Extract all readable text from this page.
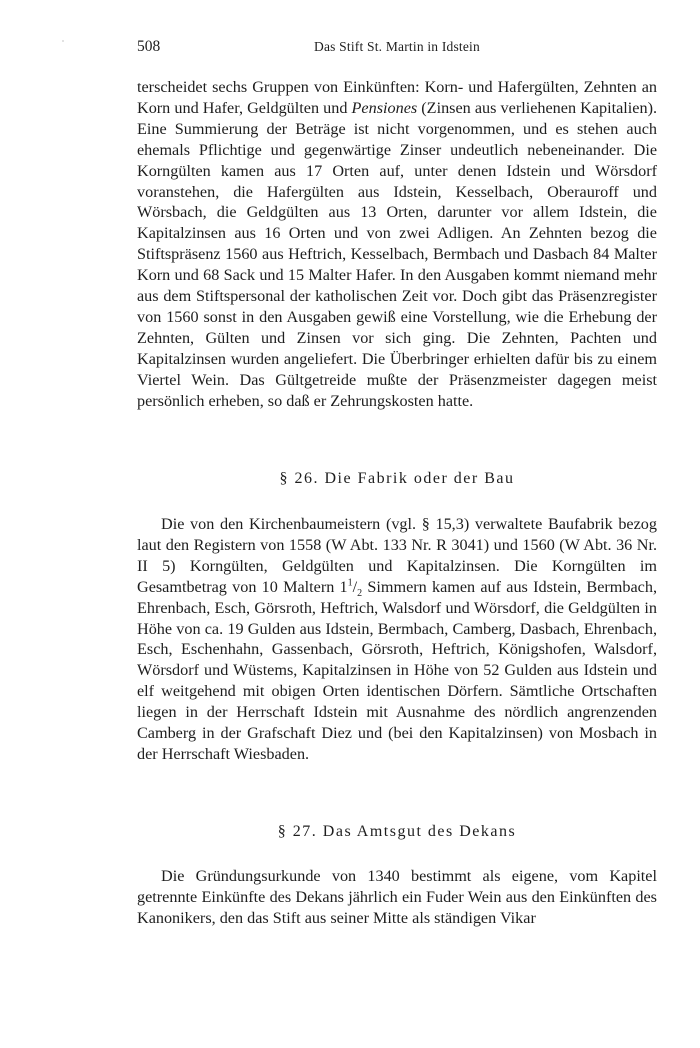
508	Das Stift St. Martin in Idstein

terscheidet sechs Gruppen von Einkünften: Korn- und Hafergülten, Zehnten an Korn und Hafer, Geldgülten und Pensiones (Zinsen aus verliehenen Kapitalien). Eine Summierung der Beträge ist nicht vorgenommen, und es stehen auch ehemals Pflichtige und gegenwärtige Zinser undeutlich nebeneinander. Die Korngülten kamen aus 17 Orten auf, unter denen Idstein und Wörsdorf voranstehen, die Hafergülten aus Idstein, Kesselbach, Oberauroff und Wörsbach, die Geldgülten aus 13 Orten, darunter vor allem Idstein, die Kapitalzinsen aus 16 Orten und von zwei Adligen. An Zehnten bezog die Stiftspräsenz 1560 aus Heftrich, Kesselbach, Bermbach und Dasbach 84 Malter Korn und 68 Sack und 15 Malter Hafer. In den Ausgaben kommt niemand mehr aus dem Stiftspersonal der katholischen Zeit vor. Doch gibt das Präsenzregister von 1560 sonst in den Ausgaben gewiß eine Vorstellung, wie die Erhebung der Zehnten, Gülten und Zinsen vor sich ging. Die Zehnten, Pachten und Kapitalzinsen wurden angeliefert. Die Überbringer erhielten dafür bis zu einem Viertel Wein. Das Gültgetreide mußte der Präsenzmeister dagegen meist persönlich erheben, so daß er Zehrungskosten hatte.

§ 26. Die Fabrik oder der Bau

Die von den Kirchenbaumeistern (vgl. § 15,3) verwaltete Baufabrik bezog laut den Registern von 1558 (W Abt. 133 Nr. R 3041) und 1560 (W Abt. 36 Nr. II 5) Korngülten, Geldgülten und Kapitalzinsen. Die Korngülten im Gesamtbetrag von 10 Maltern $1^1/_2$ Simmern kamen auf aus Idstein, Bermbach, Ehrenbach, Esch, Görsroth, Heftrich, Walsdorf und Wörsdorf, die Geldgülten in Höhe von ca. 19 Gulden aus Idstein, Bermbach, Camberg, Dasbach, Ehrenbach, Esch, Eschenhahn, Gassenbach, Görsroth, Heftrich, Königshofen, Walsdorf, Wörsdorf und Wüstems, Kapitalzinsen in Höhe von 52 Gulden aus Idstein und elf weitgehend mit obigen Orten identischen Dörfern. Sämtliche Ortschaften liegen in der Herrschaft Idstein mit Ausnahme des nördlich angrenzenden Camberg in der Grafschaft Diez und (bei den Kapitalzinsen) von Mosbach in der Herrschaft Wiesbaden.

§ 27. Das Amtsgut des Dekans

Die Gründungsurkunde von 1340 bestimmt als eigene, vom Kapitel getrennte Einkünfte des Dekans jährlich ein Fuder Wein aus den Einkünften des Kanonikers, den das Stift aus seiner Mitte als ständigen Vikar
